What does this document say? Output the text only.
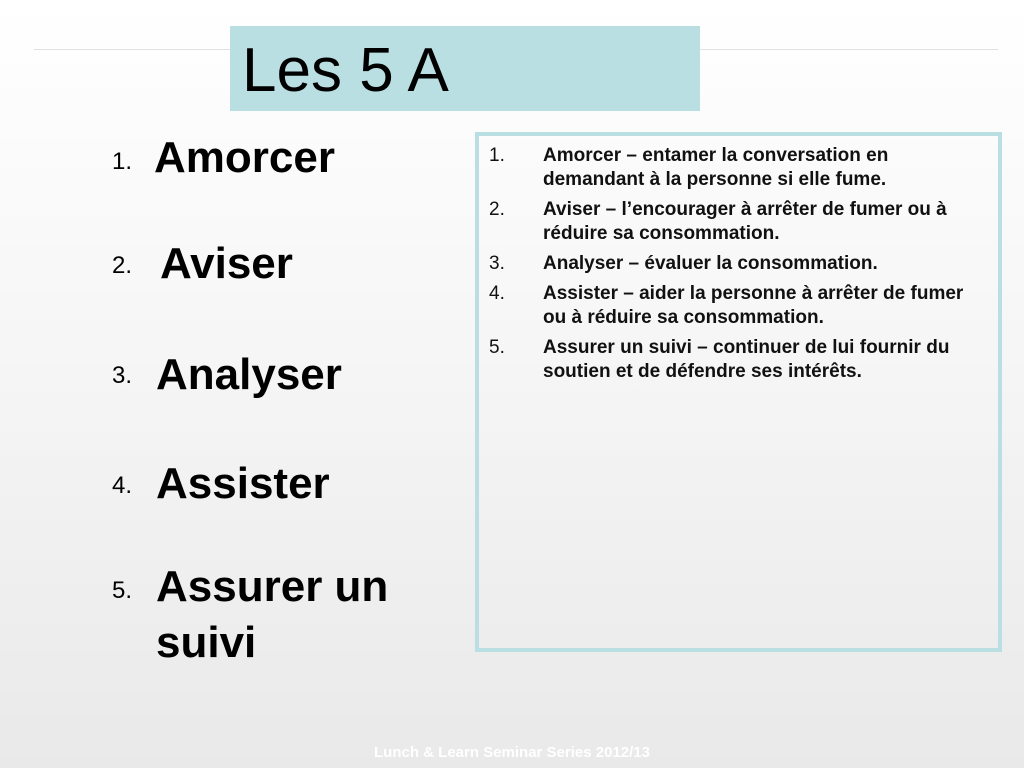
Les 5 A
1. Amorcer
2. Aviser
3. Analyser
4. Assister
5. Assurer un suivi
1. Amorcer – entamer la conversation en demandant à la personne si elle fume.
2. Aviser – l’encourager à arrêter de fumer ou à réduire sa consommation.
3. Analyser – évaluer la consommation.
4. Assister – aider la personne à arrêter de fumer ou à réduire sa consommation.
5. Assurer un suivi – continuer de lui fournir du soutien et de défendre ses intérêts.
Lunch & Learn Seminar Series 2012/13
